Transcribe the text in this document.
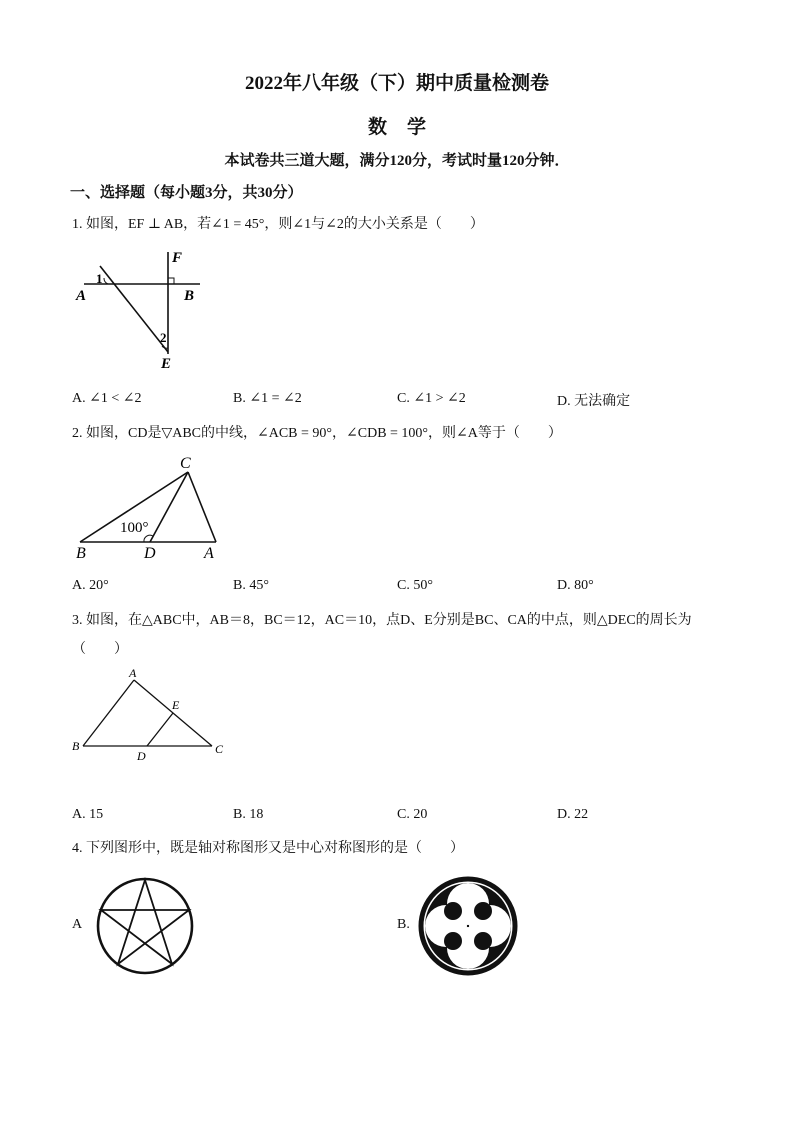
2022年八年级（下）期中质量检测卷
数 学
本试卷共三道大题，满分120分，考试时量120分钟．
一、选择题（每小题3分，共30分）
1. 如图，EF ⊥ AB，若∠1 = 45°，则∠1与∠2的大小关系是（　　）
A	B
E
F
1
2
A. ∠1 < ∠2	B. ∠1 = ∠2	C. ∠1 > ∠2	D. 无法确定
2. 如图，CD是▽ABC的中线，∠ACB = 90°，∠CDB = 100°，则∠A等于（　　）
C
B	D	A
100°
A. 20°	B. 45°	C. 50°	D. 80°
3. 如图，在△ABC中，AB＝8，BC＝12，AC＝10，点D、E分别是BC、CA的中点，则△DEC的周长为
（　　）
A
E
B
D	C
A. 15	B. 18	C. 20	D. 22
4. 下列图形中，既是轴对称图形又是中心对称图形的是（　　）
A	B.
